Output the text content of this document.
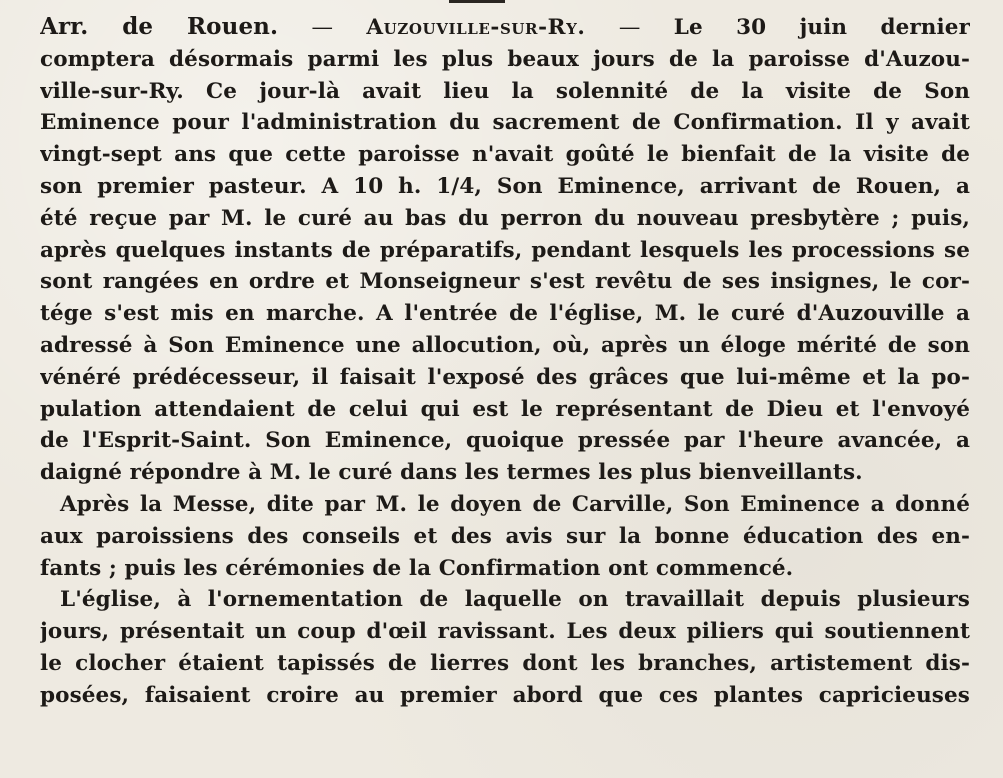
Arr. de Rouen. — Auzouville-sur-Ry. — Le 30 juin dernier
comptera désormais parmi les plus beaux jours de la paroisse d'Auzou-
ville-sur-Ry. Ce jour-là avait lieu la solennité de la visite de Son
Eminence pour l'administration du sacrement de Confirmation. Il y avait
vingt-sept ans que cette paroisse n'avait goûté le bienfait de la visite de
son premier pasteur. A 10 h. 1/4, Son Eminence, arrivant de Rouen, a
été reçue par M. le curé au bas du perron du nouveau presbytère ; puis,
après quelques instants de préparatifs, pendant lesquels les processions se
sont rangées en ordre et Monseigneur s'est revêtu de ses insignes, le cor-
tége s'est mis en marche. A l'entrée de l'église, M. le curé d'Auzouville a
adressé à Son Eminence une allocution, où, après un éloge mérité de son
vénéré prédécesseur, il faisait l'exposé des grâces que lui-même et la po-
pulation attendaient de celui qui est le représentant de Dieu et l'envoyé
de l'Esprit-Saint. Son Eminence, quoique pressée par l'heure avancée, a
daigné répondre à M. le curé dans les termes les plus bienveillants.
Après la Messe, dite par M. le doyen de Carville, Son Eminence a donné
aux paroissiens des conseils et des avis sur la bonne éducation des en-
fants ; puis les cérémonies de la Confirmation ont commencé.
L'église, à l'ornementation de laquelle on travaillait depuis plusieurs
jours, présentait un coup d'œil ravissant. Les deux piliers qui soutiennent
le clocher étaient tapissés de lierres dont les branches, artistement dis-
posées, faisaient croire au premier abord que ces plantes capricieuses
